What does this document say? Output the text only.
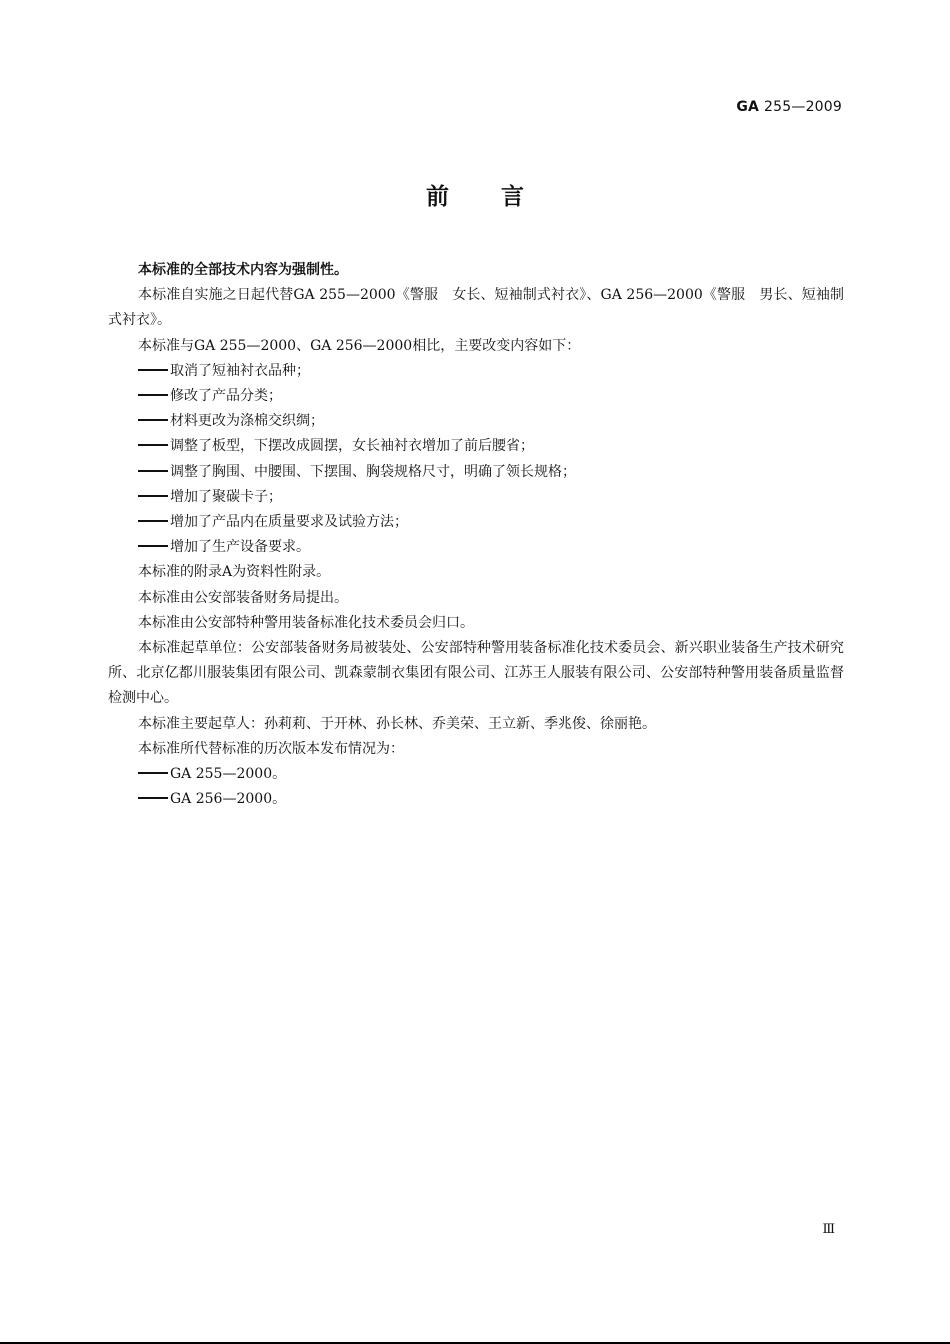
GA 255—2009
前 言

本标准的全部技术内容为强制性。

本标准自实施之日起代替GA 255—2000《警服　女长、短袖制式衬衣》、GA 256—2000《警服　男长、短袖制式衬衣》。

本标准与GA 255—2000、GA 256—2000相比，主要改变内容如下：

取消了短袖衬衣品种；
修改了产品分类；
材料更改为涤棉交织绸；
调整了板型，下摆改成圆摆，女长袖衬衣增加了前后腰省；
调整了胸围、中腰围、下摆围、胸袋规格尺寸，明确了领长规格；
增加了聚碳卡子；
增加了产品内在质量要求及试验方法；
增加了生产设备要求。

本标准的附录A为资料性附录。

本标准由公安部装备财务局提出。

本标准由公安部特种警用装备标准化技术委员会归口。

本标准起草单位：公安部装备财务局被装处、公安部特种警用装备标准化技术委员会、新兴职业装备生产技术研究所、北京亿都川服装集团有限公司、凯森蒙制衣集团有限公司、江苏王人服装有限公司、公安部特种警用装备质量监督检测中心。

本标准主要起草人：孙莉莉、于开林、孙长林、乔美荣、王立新、季兆俊、徐丽艳。

本标准所代替标准的历次版本发布情况为：

GA 255—2000。
GA 256—2000。
Ⅲ
